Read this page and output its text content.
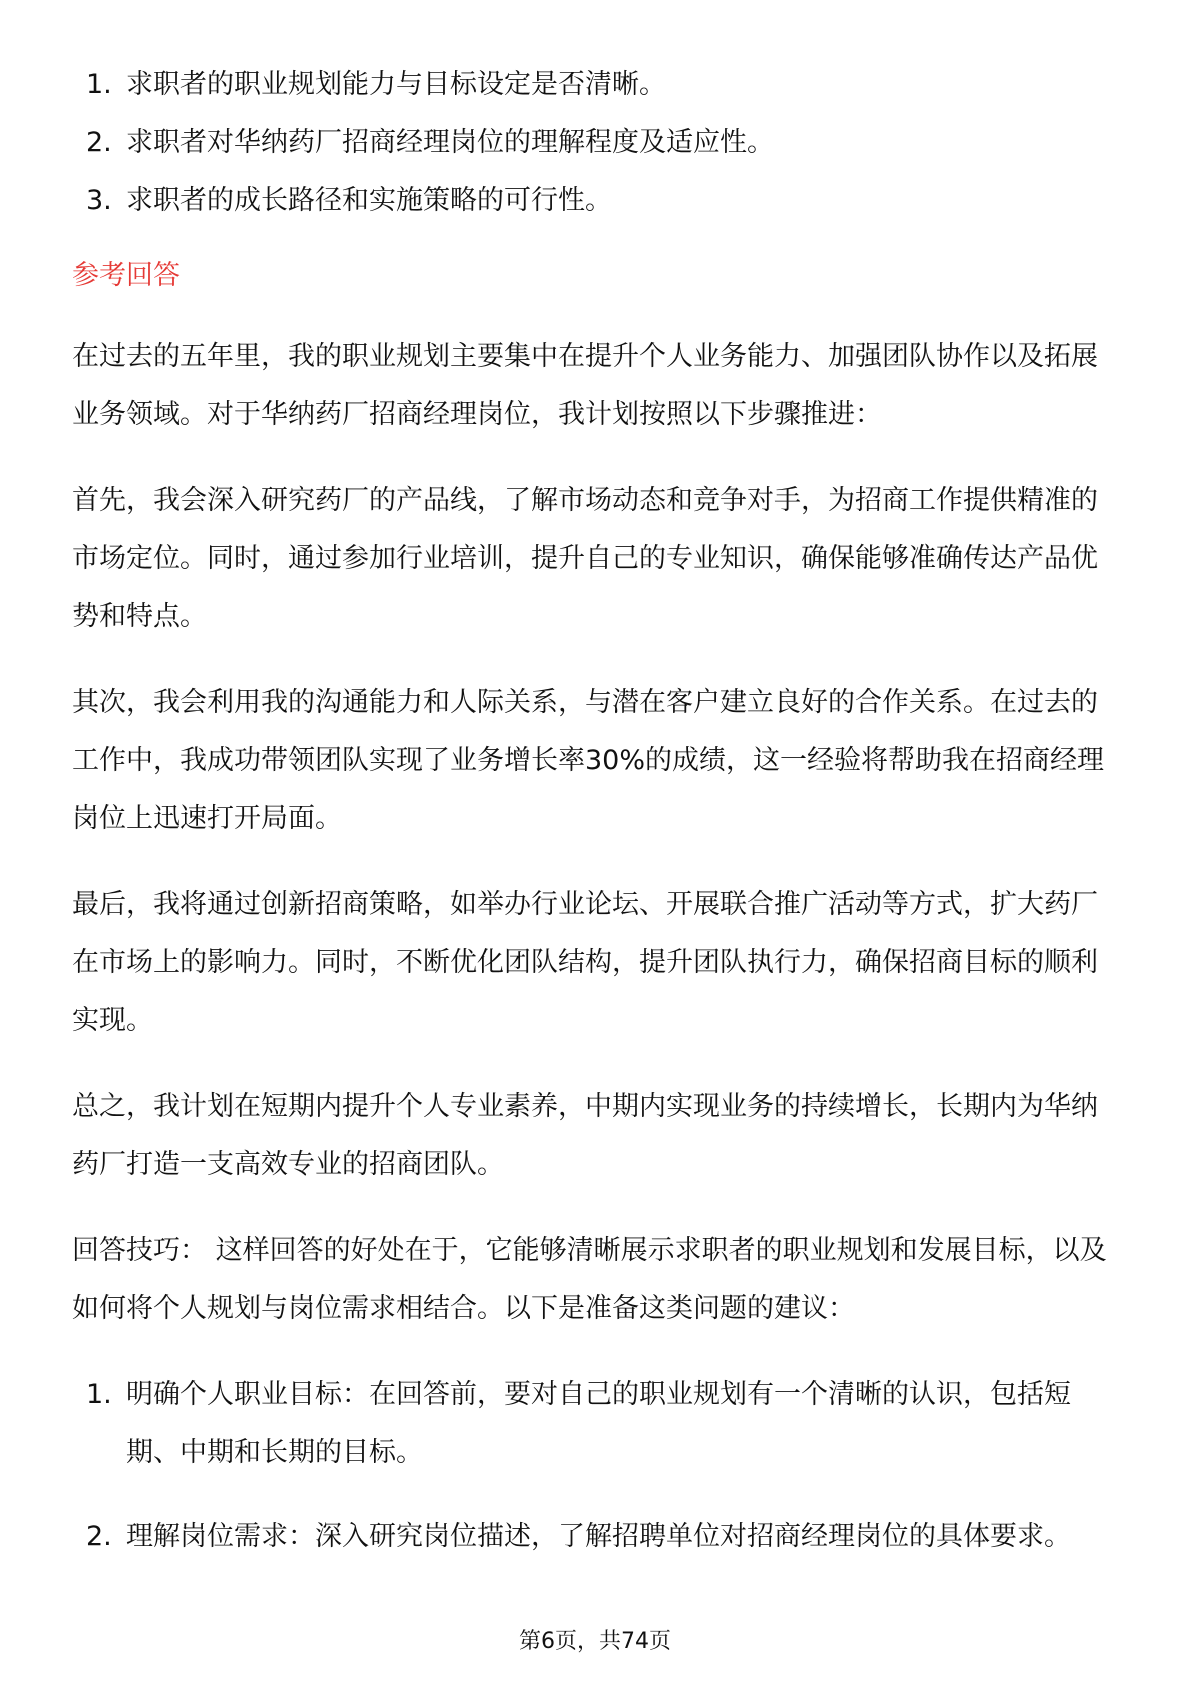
1. 求职者的职业规划能力与目标设定是否清晰。
2. 求职者对华纳药厂招商经理岗位的理解程度及适应性。
3. 求职者的成长路径和实施策略的可行性。
参考回答

在过去的五年里，我的职业规划主要集中在提升个人业务能力、加强团队协作以及拓展业务领域。对于华纳药厂招商经理岗位，我计划按照以下步骤推进：

首先，我会深入研究药厂的产品线，了解市场动态和竞争对手，为招商工作提供精准的市场定位。同时，通过参加行业培训，提升自己的专业知识，确保能够准确传达产品优势和特点。

其次，我会利用我的沟通能力和人际关系，与潜在客户建立良好的合作关系。在过去的工作中，我成功带领团队实现了业务增长率30%的成绩，这一经验将帮助我在招商经理岗位上迅速打开局面。

最后，我将通过创新招商策略，如举办行业论坛、开展联合推广活动等方式，扩大药厂在市场上的影响力。同时，不断优化团队结构，提升团队执行力，确保招商目标的顺利实现。

总之，我计划在短期内提升个人专业素养，中期内实现业务的持续增长，长期内为华纳药厂打造一支高效专业的招商团队。

回答技巧： 这样回答的好处在于，它能够清晰展示求职者的职业规划和发展目标，以及如何将个人规划与岗位需求相结合。以下是准备这类问题的建议：

1. 明确个人职业目标：在回答前，要对自己的职业规划有一个清晰的认识，包括短期、中期和长期的目标。
2. 理解岗位需求：深入研究岗位描述，了解招聘单位对招商经理岗位的具体要求。
第6页，共74页
